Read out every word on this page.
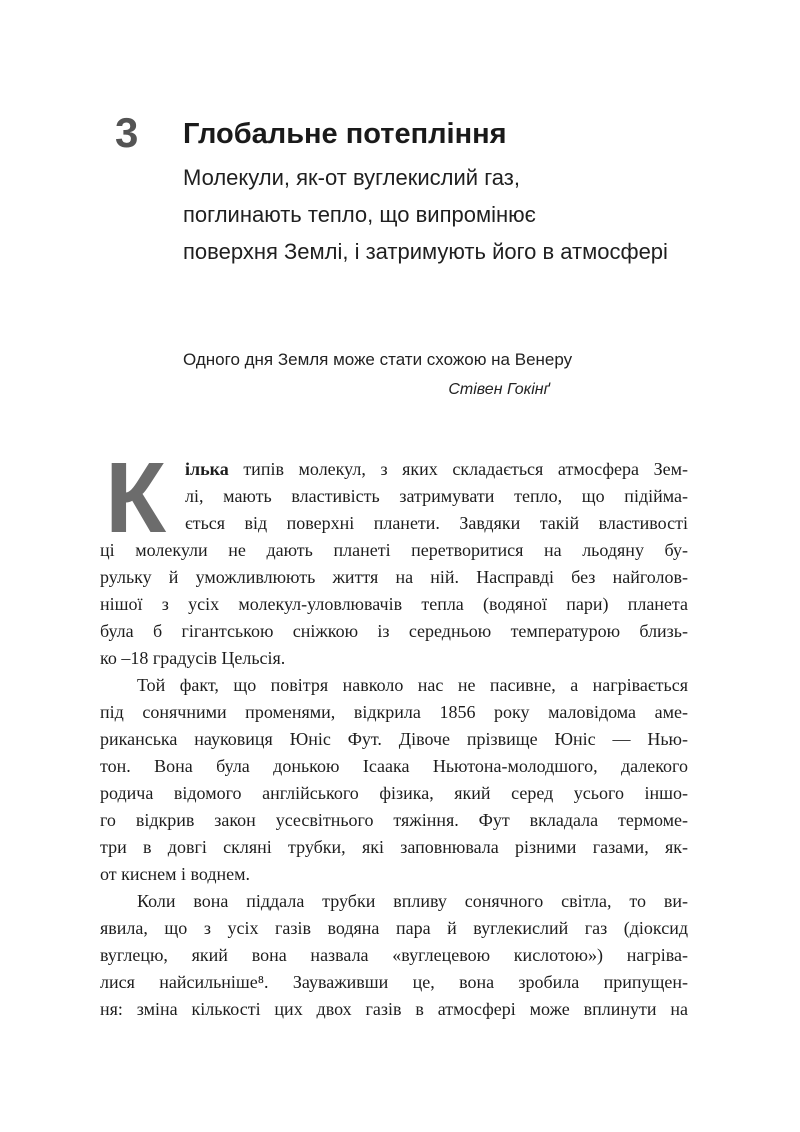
3 Глобальне потепління
Молекули, як-от вуглекислий газ,
поглинають тепло, що випромінює
поверхня Землі, і затримують його в атмосфері
Одного дня Земля може стати схожою на Венеру
Стівен Гокінґ
К ілька типів молекул, з яких складається атмосфера Зем-
лі, мають властивість затримувати тепло, що підійма-
ється від поверхні планети. Завдяки такій властивості
ці молекули не дають планеті перетворитися на льодяну бу-
рульку й уможливлюють життя на ній. Насправді без найголов-
нішої з усіх молекул-уловлювачів тепла (водяної пари) планета
була б гігантською сніжкою із середньою температурою близь-
ко –18 градусів Цельсія.
Той факт, що повітря навколо нас не пасивне, а нагрівається
під сонячними променями, відкрила 1856 року маловідома аме-
риканська науковиця Юніс Фут. Дівоче прізвище Юніс — Нью-
тон. Вона була донькою Ісаака Ньютона-молодшого, далекого
родича відомого англійського фізика, який серед усього іншо-
го відкрив закон усесвітнього тяжіння. Фут вкладала термоме-
три в довгі скляні трубки, які заповнювала різними газами, як-
от киснем і воднем.
Коли вона піддала трубки впливу сонячного світла, то ви-
явила, що з усіх газів водяна пара й вуглекислий газ (діоксид
вуглецю, який вона назвала «вуглецевою кислотою») нагріва-
лися найсильніше⁸. Зауваживши це, вона зробила припущен-
ня: зміна кількості цих двох газів в атмосфері може вплинути на
